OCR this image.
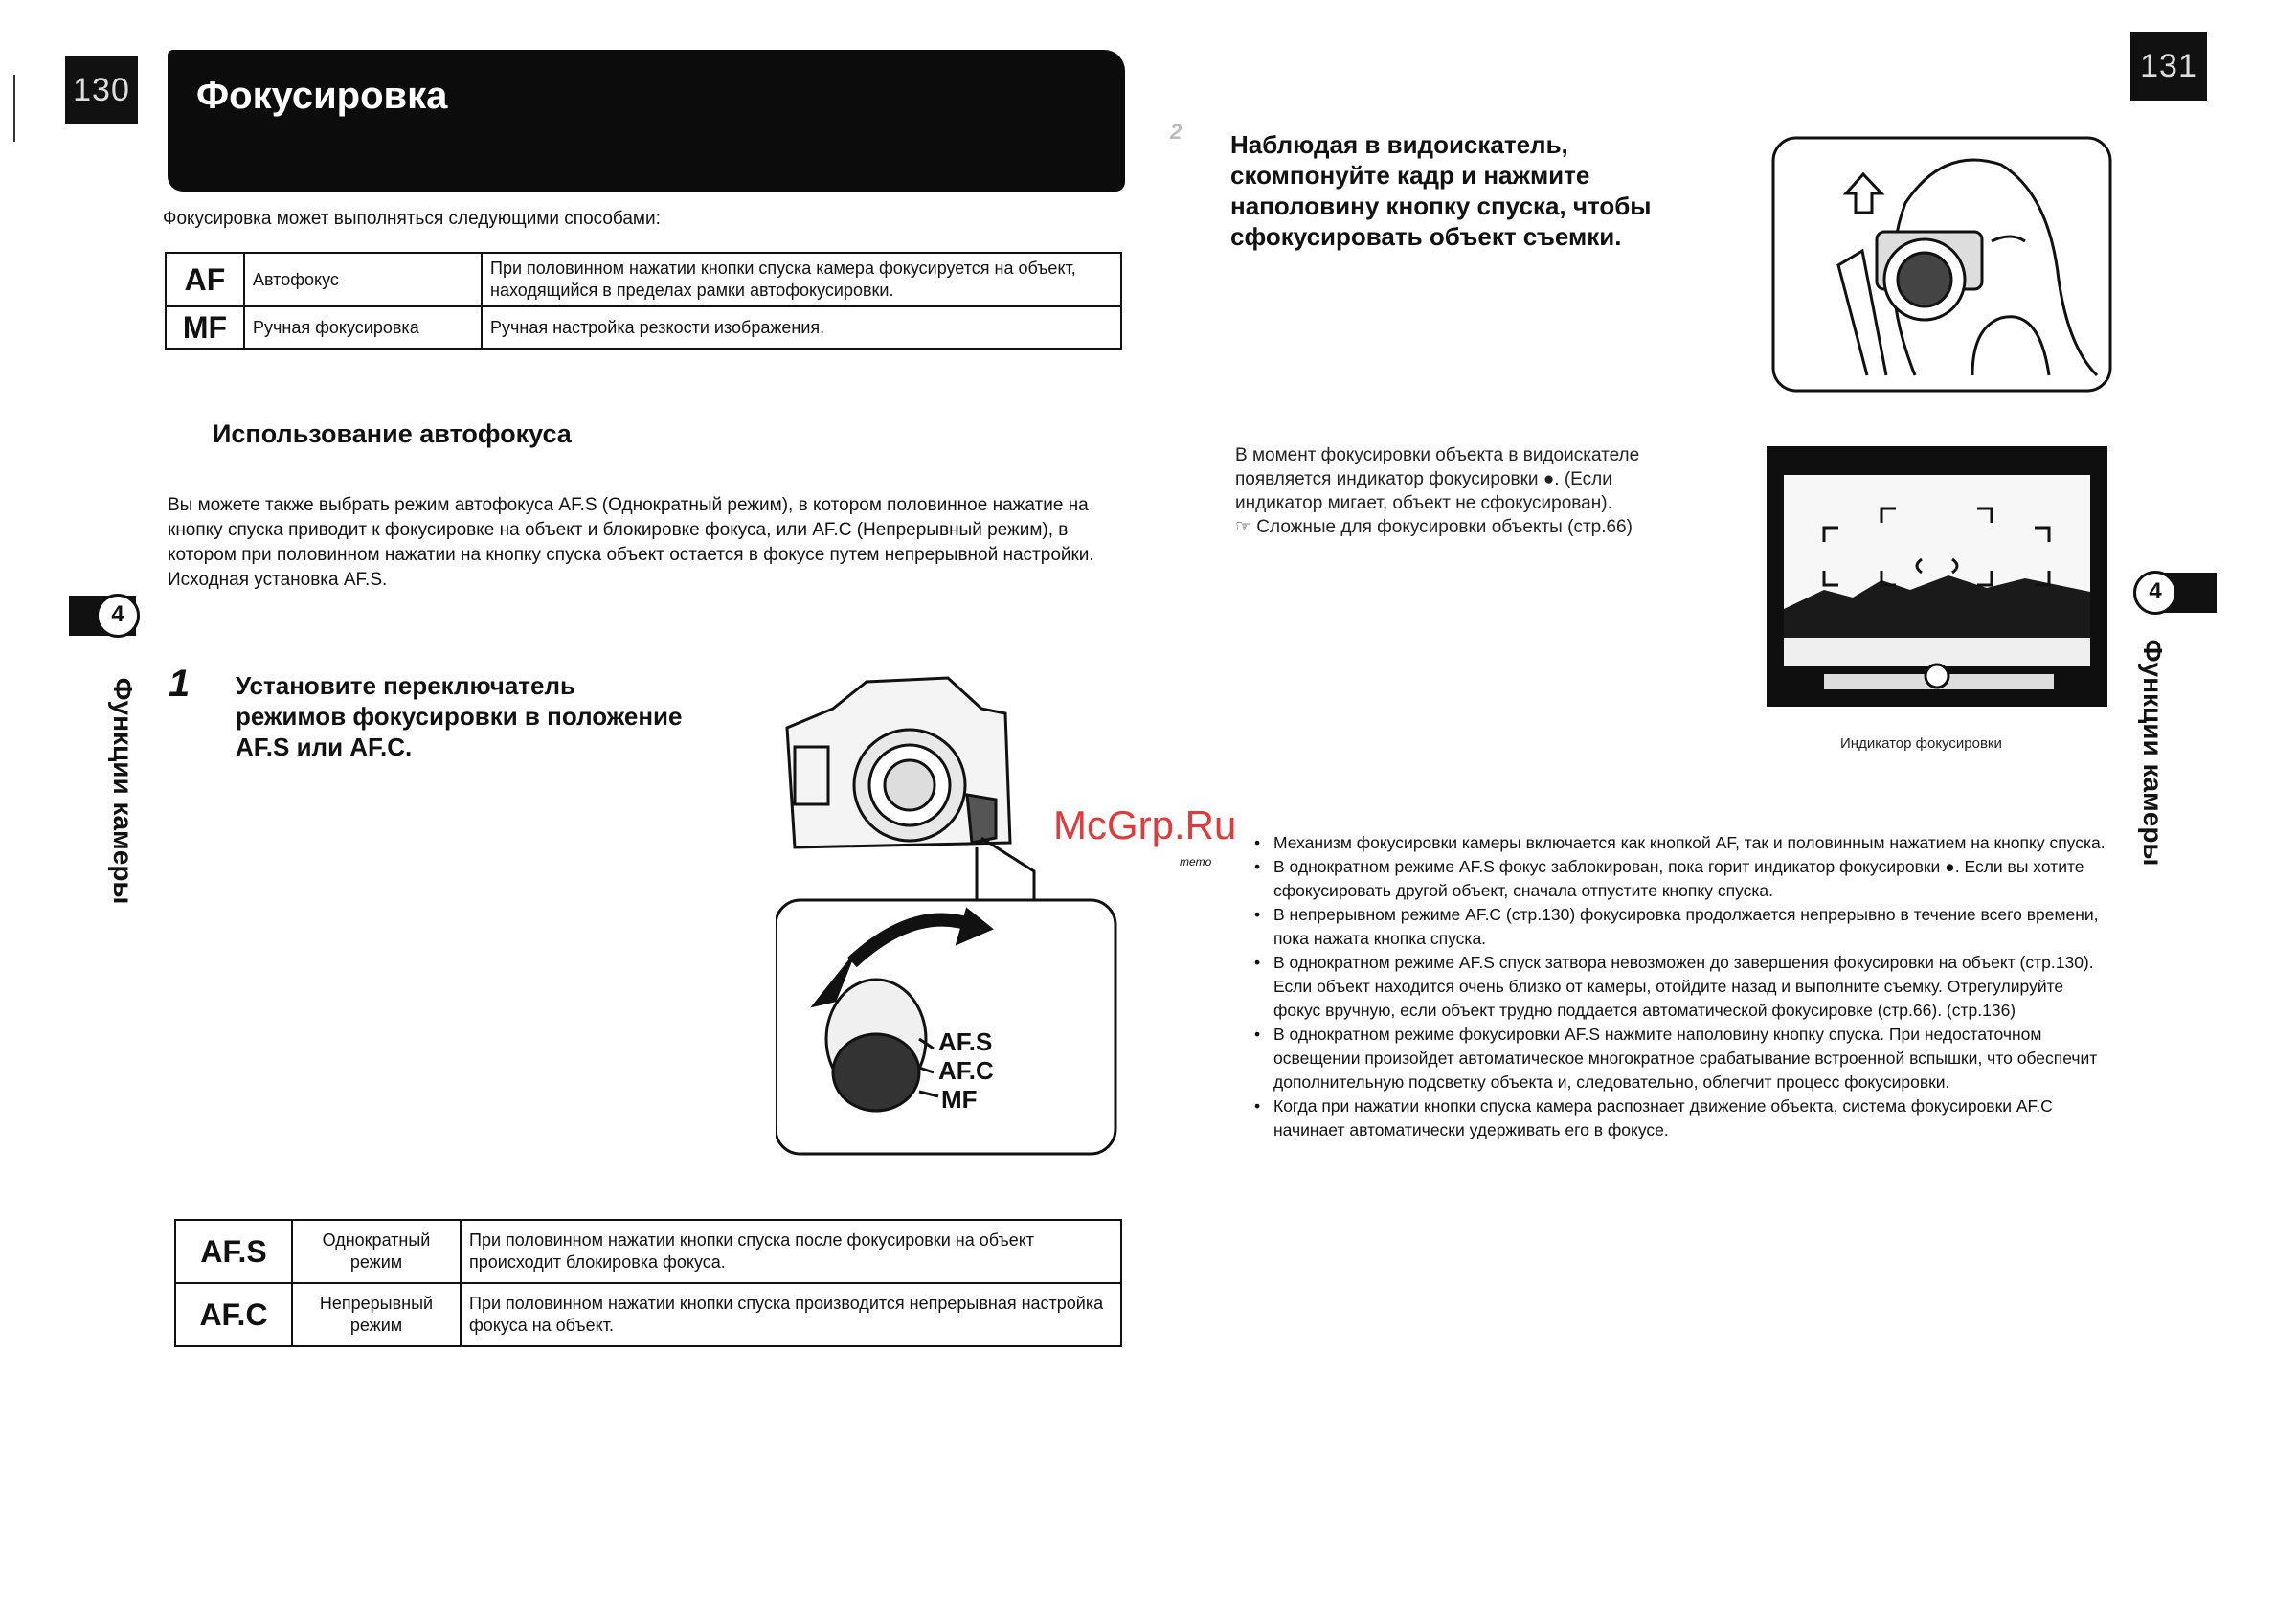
130 Фокусировка
Фокусировка может выполняться следующими способами:
AF	Автофокус	При половинном нажатии кнопки спуска камера фокусируется на объект, находящийся в пределах рамки автофокусировки.
MF	Ручная фокусировка	Ручная настройка резкости изображения.
Использование автофокуса
Вы можете также выбрать режим автофокуса AF.S (Однократный режим), в котором половинное нажатие на кнопку спуска приводит к фокусировке на объект и блокировке фокуса, или AF.C (Непрерывный режим), в котором при половинном нажатии на кнопку спуска объект остается в фокусе путем непрерывной настройки. Исходная установка AF.S.
1 Установите переключатель режимов фокусировки в положение AF.S или AF.C.
AF.S
AF.C
MF
AF.S	Однократный режим	При половинном нажатии кнопки спуска после фокусировки на объект происходит блокировка фокуса.
AF.C	Непрерывный режим	При половинном нажатии кнопки спуска производится непрерывная настройка фокуса на объект.
4
Функции камеры
131
2 Наблюдая в видоискатель, скомпонуйте кадр и нажмите наполовину кнопку спуска, чтобы сфокусировать объект съемки.
В момент фокусировки объекта в видоискателе появляется индикатор фокусировки ●. (Если индикатор мигает, объект не сфокусирован).
☞ Сложные для фокусировки объекты (стр.66)
Индикатор фокусировки
McGrp.Ru
memo
• Механизм фокусировки камеры включается как кнопкой AF, так и половинным нажатием на кнопку спуска.
• В однократном режиме AF.S фокус заблокирован, пока горит индикатор фокусировки ●. Если вы хотите сфокусировать другой объект, сначала отпустите кнопку спуска.
• В непрерывном режиме AF.C (стр.130) фокусировка продолжается непрерывно в течение всего времени, пока нажата кнопка спуска.
• В однократном режиме AF.S спуск затвора невозможен до завершения фокусировки на объект (стр.130). Если объект находится очень близко от камеры, отойдите назад и выполните съемку. Отрегулируйте фокус вручную, если объект трудно поддается автоматической фокусировке (стр.66). (стр.136)
• В однократном режиме фокусировки AF.S нажмите наполовину кнопку спуска. При недостаточном освещении произойдет автоматическое многократное срабатывание встроенной вспышки, что обеспечит дополнительную подсветку объекта и, следовательно, облегчит процесс фокусировки.
• Когда при нажатии кнопки спуска камера распознает движение объекта, система фокусировки AF.C начинает автоматически удерживать его в фокусе.
4
Функции камеры
